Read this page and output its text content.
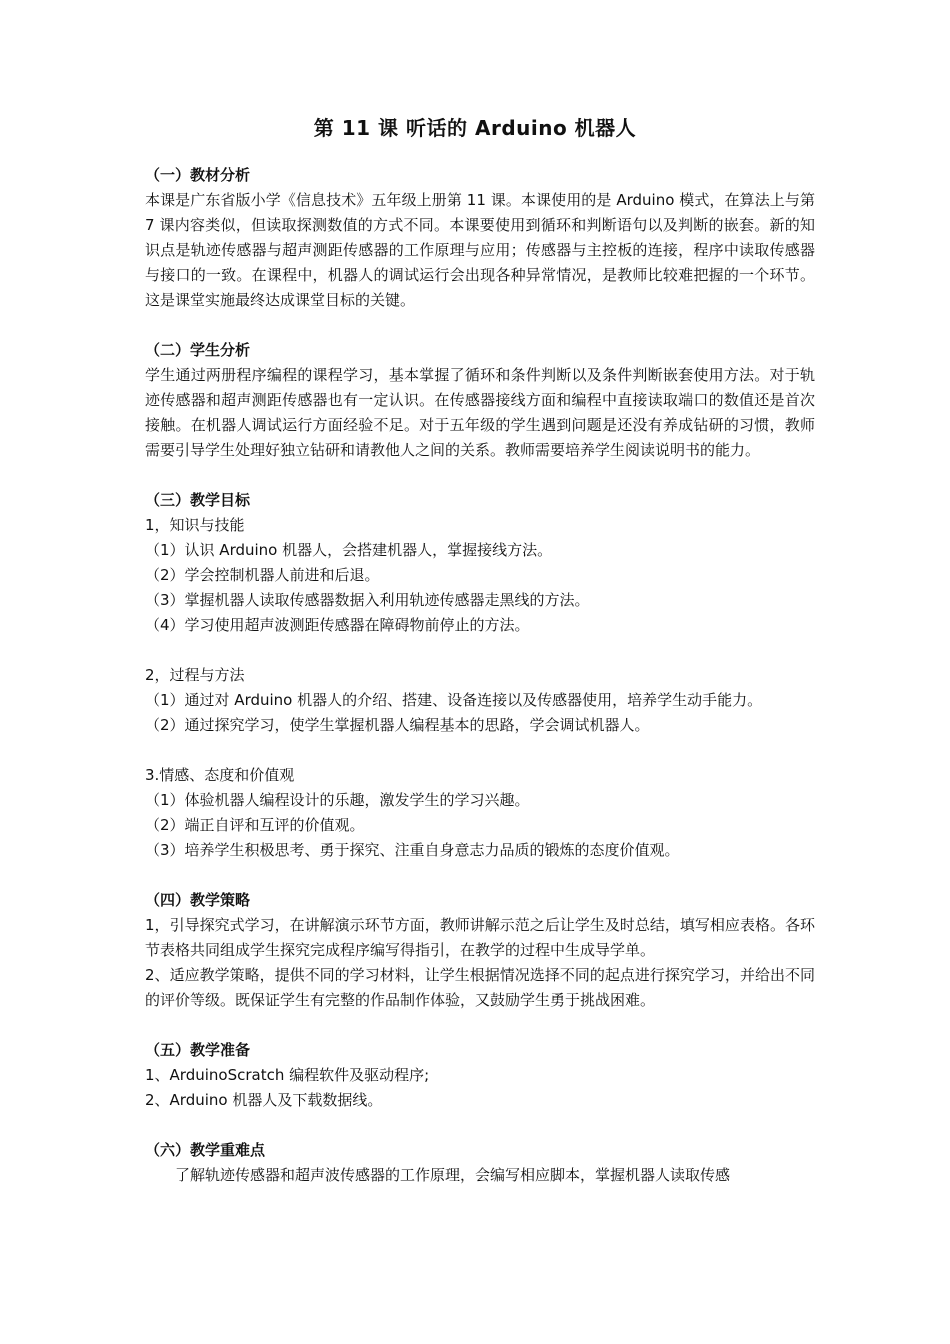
第 11 课 听话的 Arduino 机器人

（一）教材分析

本课是广东省版小学《信息技术》五年级上册第 11 课。本课使用的是 Arduino 模式，在算法上与第 7 课内容类似，但读取探测数值的方式不同。本课要使用到循环和判断语句以及判断的嵌套。新的知识点是轨迹传感器与超声测距传感器的工作原理与应用；传感器与主控板的连接，程序中读取传感器与接口的一致。在课程中，机器人的调试运行会出现各种异常情况，是教师比较难把握的一个环节。这是课堂实施最终达成课堂目标的关键。

（二）学生分析

学生通过两册程序编程的课程学习，基本掌握了循环和条件判断以及条件判断嵌套使用方法。对于轨迹传感器和超声测距传感器也有一定认识。在传感器接线方面和编程中直接读取端口的数值还是首次接触。在机器人调试运行方面经验不足。对于五年级的学生遇到问题是还没有养成钻研的习惯，教师需要引导学生处理好独立钻研和请教他人之间的关系。教师需要培养学生阅读说明书的能力。

（三）教学目标

1，知识与技能

（1）认识 Arduino 机器人，会搭建机器人，掌握接线方法。

（2）学会控制机器人前进和后退。

（3）掌握机器人读取传感器数据入利用轨迹传感器走黑线的方法。

（4）学习使用超声波测距传感器在障碍物前停止的方法。

2，过程与方法

（1）通过对 Arduino 机器人的介绍、搭建、设备连接以及传感器使用，培养学生动手能力。

（2）通过探究学习，使学生掌握机器人编程基本的思路，学会调试机器人。

3.情感、态度和价值观

（1）体验机器人编程设计的乐趣，激发学生的学习兴趣。

（2）端正自评和互评的价值观。

（3）培养学生积极思考、勇于探究、注重自身意志力品质的锻炼的态度价值观。

（四）教学策略

1，引导探究式学习，在讲解演示环节方面，教师讲解示范之后让学生及时总结，填写相应表格。各环节表格共同组成学生探究完成程序编写得指引，在教学的过程中生成导学单。

2、适应教学策略，提供不同的学习材料，让学生根据情况选择不同的起点进行探究学习，并给出不同的评价等级。既保证学生有完整的作品制作体验，又鼓励学生勇于挑战困难。

（五）教学准备

1、ArduinoScratch 编程软件及驱动程序;

2、Arduino 机器人及下载数据线。

（六）教学重难点

了解轨迹传感器和超声波传感器的工作原理，会编写相应脚本，掌握机器人读取传感
